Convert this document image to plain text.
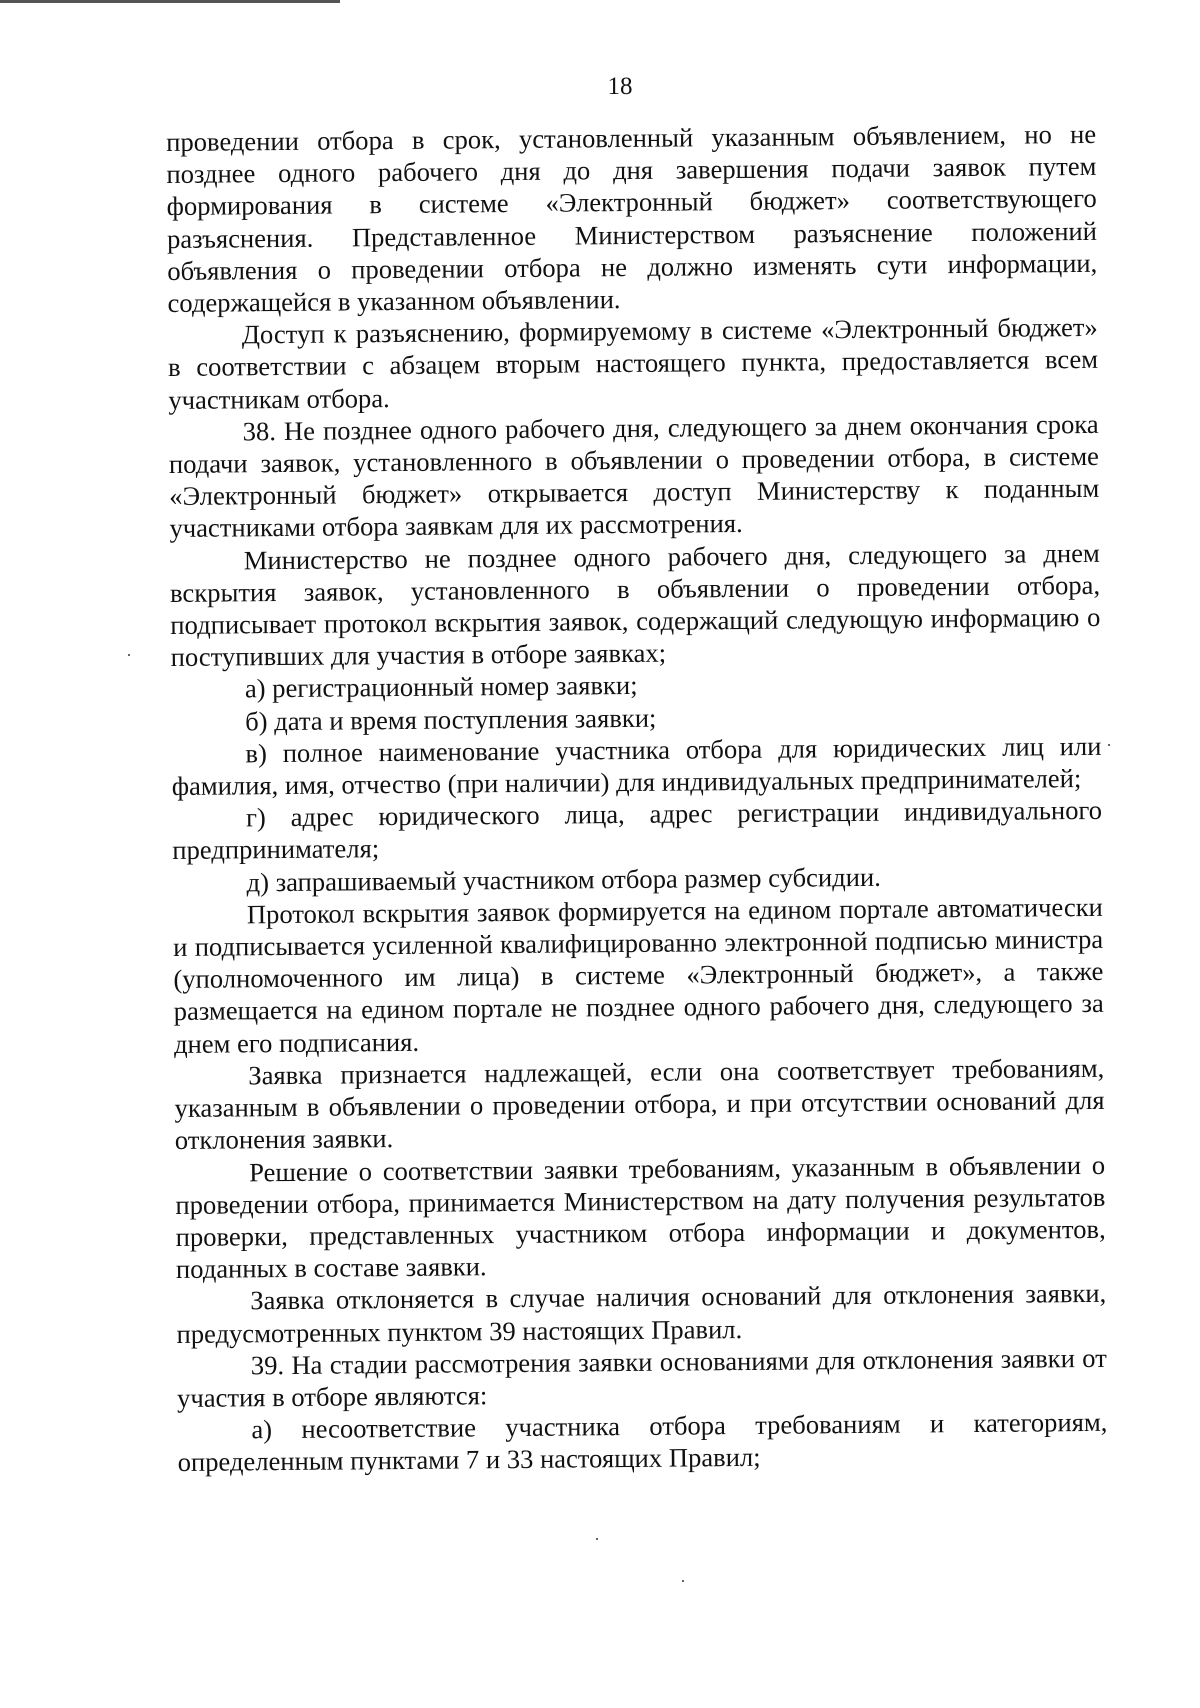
18

проведении отбора в срок, установленный указанным объявлением, но не позднее одного рабочего дня до дня завершения подачи заявок путем формирования в системе «Электронный бюджет» соответствующего разъяснения. Представленное Министерством разъяснение положений объявления о проведении отбора не должно изменять сути информации, содержащейся в указанном объявлении.

Доступ к разъяснению, формируемому в системе «Электронный бюджет» в соответствии с абзацем вторым настоящего пункта, предоставляется всем участникам отбора.

38. Не позднее одного рабочего дня, следующего за днем окончания срока подачи заявок, установленного в объявлении о проведении отбора, в системе «Электронный бюджет» открывается доступ Министерству к поданным участниками отбора заявкам для их рассмотрения.

Министерство не позднее одного рабочего дня, следующего за днем вскрытия заявок, установленного в объявлении о проведении отбора, подписывает протокол вскрытия заявок, содержащий следующую информацию о поступивших для участия в отборе заявках;

а) регистрационный номер заявки;

б) дата и время поступления заявки;

в) полное наименование участника отбора для юридических лиц или фамилия, имя, отчество (при наличии) для индивидуальных предпринимателей;

г) адрес юридического лица, адрес регистрации индивидуального предпринимателя;

д) запрашиваемый участником отбора размер субсидии.

Протокол вскрытия заявок формируется на едином портале автоматически и подписывается усиленной квалифицированно электронной подписью министра (уполномоченного им лица) в системе «Электронный бюджет», а также размещается на едином портале не позднее одного рабочего дня, следующего за днем его подписания.

Заявка признается надлежащей, если она соответствует требованиям, указанным в объявлении о проведении отбора, и при отсутствии оснований для отклонения заявки.

Решение о соответствии заявки требованиям, указанным в объявлении о проведении отбора, принимается Министерством на дату получения результатов проверки, представленных участником отбора информации и документов, поданных в составе заявки.

Заявка отклоняется в случае наличия оснований для отклонения заявки, предусмотренных пунктом 39 настоящих Правил.

39. На стадии рассмотрения заявки основаниями для отклонения заявки от участия в отборе являются:

а) несоответствие участника отбора требованиям и категориям, определенным пунктами 7 и 33 настоящих Правил;
